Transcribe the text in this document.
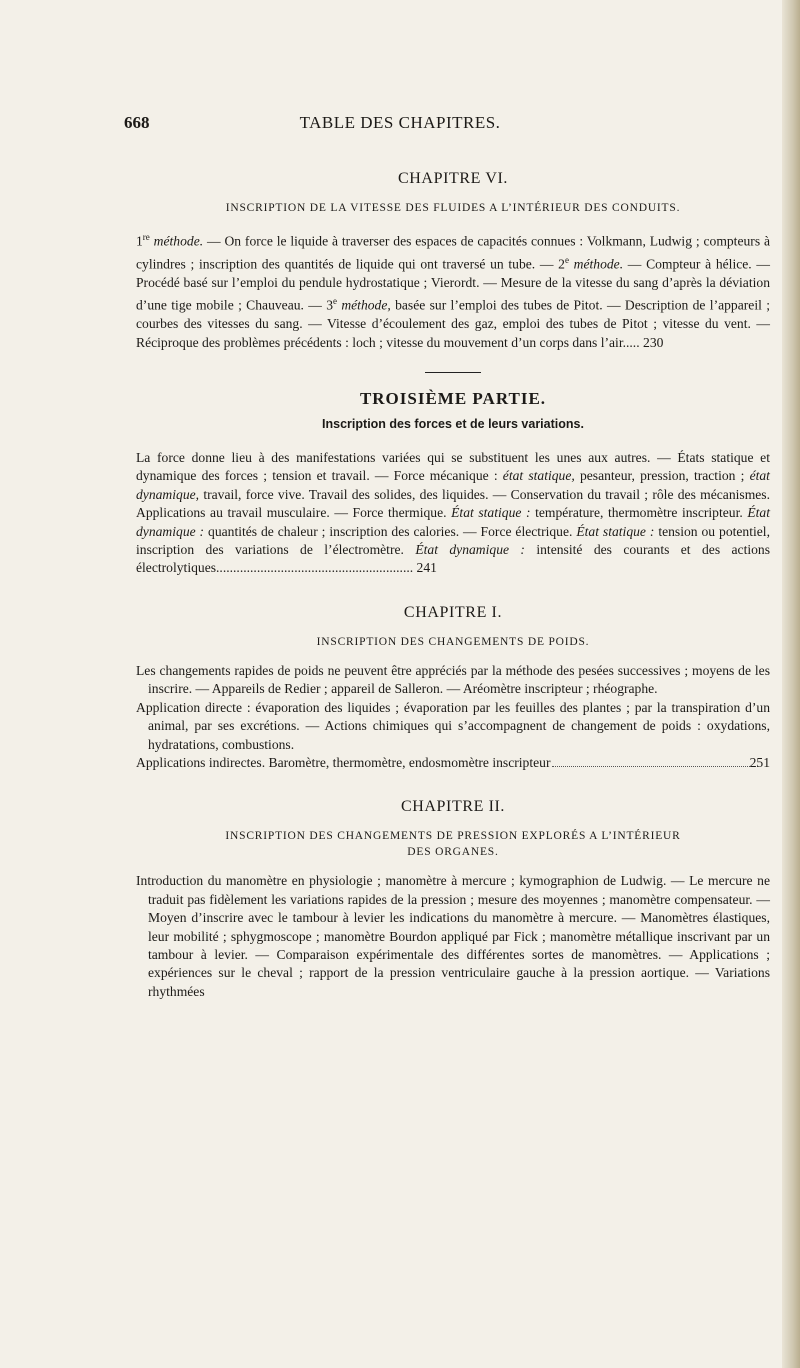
TABLE DES CHAPITRES.
668
CHAPITRE VI.
INSCRIPTION DE LA VITESSE DES FLUIDES A L’INTÉRIEUR DES CONDUITS.
1re méthode. — On force le liquide à traverser des espaces de capacités connues : Volkmann, Ludwig ; compteurs à cylindres ; inscription des quantités de liquide qui ont traversé un tube. — 2e méthode. — Compteur à hélice. — Procédé basé sur l’emploi du pendule hydrostatique ; Vierordt. — Mesure de la vitesse du sang d’après la déviation d’une tige mobile ; Chauveau. — 3e méthode, basée sur l’emploi des tubes de Pitot. — Description de l’appareil ; courbes des vitesses du sang. — Vitesse d’écoulement des gaz, emploi des tubes de Pitot ; vitesse du vent. — Réciproque des problèmes précédents : loch ; vitesse du mouvement d’un corps dans l’air..... 230
TROISIÈME PARTIE.
Inscription des forces et de leurs variations.
La force donne lieu à des manifestations variées qui se substituent les unes aux autres. — États statique et dynamique des forces ; tension et travail. — Force mécanique : état statique, pesanteur, pression, traction ; état dynamique, travail, force vive. Travail des solides, des liquides. — Conservation du travail ; rôle des mécanismes. Applications au travail musculaire. — Force thermique. État statique : température, thermomètre inscripteur. État dynamique : quantités de chaleur ; inscription des calories. — Force électrique. État statique : tension ou potentiel, inscription des variations de l’électromètre. État dynamique : intensité des courants et des actions électrolytiques.......................................................... 241
CHAPITRE I.
INSCRIPTION DES CHANGEMENTS DE POIDS.
Les changements rapides de poids ne peuvent être appréciés par la méthode des pesées successives ; moyens de les inscrire. — Appareils de Redier ; appareil de Salleron. — Aréomètre inscripteur ; rhéographe.
Application directe : évaporation des liquides ; évaporation par les feuilles des plantes ; par la transpiration d’un animal, par ses excrétions. — Actions chimiques qui s’accompagnent de changement de poids : oxydations, hydratations, combustions.
Applications indirectes. Baromètre, thermomètre, endosmomètre inscripteur	251
CHAPITRE II.
INSCRIPTION DES CHANGEMENTS DE PRESSION EXPLORÉS A L’INTÉRIEUR
DES ORGANES.
Introduction du manomètre en physiologie ; manomètre à mercure ; kymographion de Ludwig. — Le mercure ne traduit pas fidèlement les variations rapides de la pression ; mesure des moyennes ; manomètre compensateur. — Moyen d’inscrire avec le tambour à levier les indications du manomètre à mercure. — Manomètres élastiques, leur mobilité ; sphygmoscope ; manomètre Bourdon appliqué par Fick ; manomètre métallique inscrivant par un tambour à levier. — Comparaison expérimentale des différentes sortes de manomètres. — Applications ; expériences sur le cheval ; rapport de la pression ventriculaire gauche à la pression aortique. — Variations rhythmées
